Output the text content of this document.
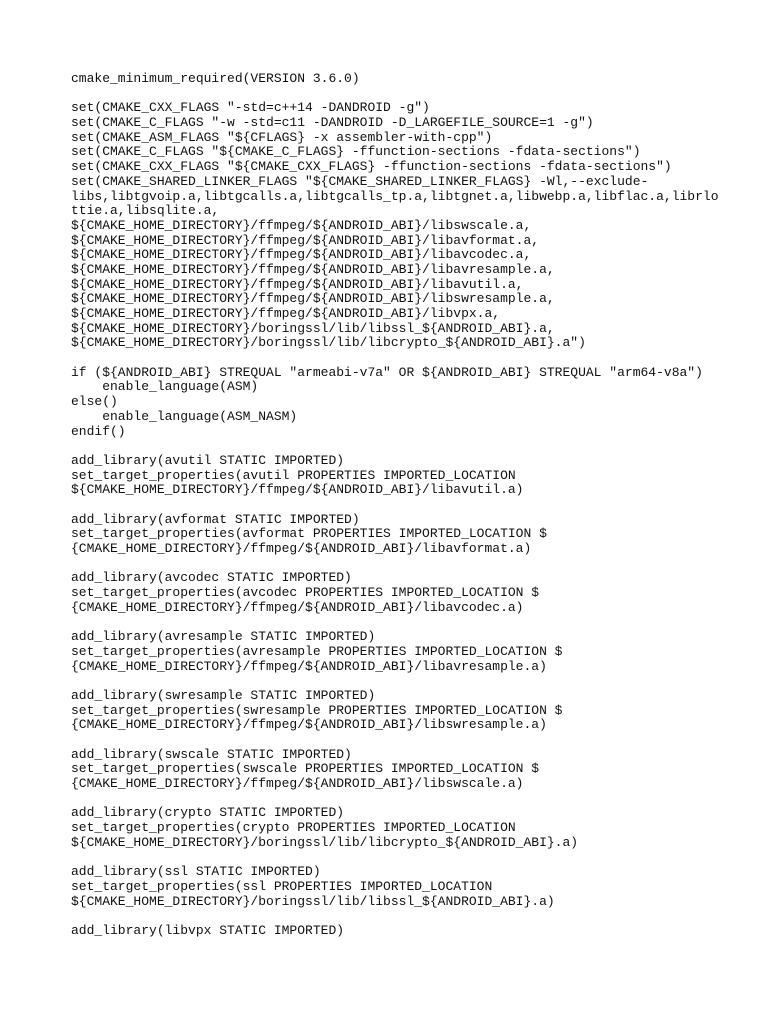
cmake_minimum_required(VERSION 3.6.0)
set(CMAKE_CXX_FLAGS "-std=c++14 -DANDROID -g")
set(CMAKE_C_FLAGS "-w -std=c11 -DANDROID -D_LARGEFILE_SOURCE=1 -g")
set(CMAKE_ASM_FLAGS "${CFLAGS} -x assembler-with-cpp")
set(CMAKE_C_FLAGS "${CMAKE_C_FLAGS} -ffunction-sections -fdata-sections")
set(CMAKE_CXX_FLAGS "${CMAKE_CXX_FLAGS} -ffunction-sections -fdata-sections")
set(CMAKE_SHARED_LINKER_FLAGS "${CMAKE_SHARED_LINKER_FLAGS} -Wl,--exclude-
libs,libtgvoip.a,libtgcalls.a,libtgcalls_tp.a,libtgnet.a,libwebp.a,libflac.a,librlo
ttie.a,libsqlite.a,
${CMAKE_HOME_DIRECTORY}/ffmpeg/${ANDROID_ABI}/libswscale.a,
${CMAKE_HOME_DIRECTORY}/ffmpeg/${ANDROID_ABI}/libavformat.a,
${CMAKE_HOME_DIRECTORY}/ffmpeg/${ANDROID_ABI}/libavcodec.a,
${CMAKE_HOME_DIRECTORY}/ffmpeg/${ANDROID_ABI}/libavresample.a,
${CMAKE_HOME_DIRECTORY}/ffmpeg/${ANDROID_ABI}/libavutil.a,
${CMAKE_HOME_DIRECTORY}/ffmpeg/${ANDROID_ABI}/libswresample.a,
${CMAKE_HOME_DIRECTORY}/ffmpeg/${ANDROID_ABI}/libvpx.a,
${CMAKE_HOME_DIRECTORY}/boringssl/lib/libssl_${ANDROID_ABI}.a,
${CMAKE_HOME_DIRECTORY}/boringssl/lib/libcrypto_${ANDROID_ABI}.a")
if (${ANDROID_ABI} STREQUAL "armeabi-v7a" OR ${ANDROID_ABI} STREQUAL "arm64-v8a")
enable_language(ASM)
else()
enable_language(ASM_NASM)
endif()
add_library(avutil STATIC IMPORTED)
set_target_properties(avutil PROPERTIES IMPORTED_LOCATION
${CMAKE_HOME_DIRECTORY}/ffmpeg/${ANDROID_ABI}/libavutil.a)
add_library(avformat STATIC IMPORTED)
set_target_properties(avformat PROPERTIES IMPORTED_LOCATION $
{CMAKE_HOME_DIRECTORY}/ffmpeg/${ANDROID_ABI}/libavformat.a)
add_library(avcodec STATIC IMPORTED)
set_target_properties(avcodec PROPERTIES IMPORTED_LOCATION $
{CMAKE_HOME_DIRECTORY}/ffmpeg/${ANDROID_ABI}/libavcodec.a)
add_library(avresample STATIC IMPORTED)
set_target_properties(avresample PROPERTIES IMPORTED_LOCATION $
{CMAKE_HOME_DIRECTORY}/ffmpeg/${ANDROID_ABI}/libavresample.a)
add_library(swresample STATIC IMPORTED)
set_target_properties(swresample PROPERTIES IMPORTED_LOCATION $
{CMAKE_HOME_DIRECTORY}/ffmpeg/${ANDROID_ABI}/libswresample.a)
add_library(swscale STATIC IMPORTED)
set_target_properties(swscale PROPERTIES IMPORTED_LOCATION $
{CMAKE_HOME_DIRECTORY}/ffmpeg/${ANDROID_ABI}/libswscale.a)
add_library(crypto STATIC IMPORTED)
set_target_properties(crypto PROPERTIES IMPORTED_LOCATION
${CMAKE_HOME_DIRECTORY}/boringssl/lib/libcrypto_${ANDROID_ABI}.a)
add_library(ssl STATIC IMPORTED)
set_target_properties(ssl PROPERTIES IMPORTED_LOCATION
${CMAKE_HOME_DIRECTORY}/boringssl/lib/libssl_${ANDROID_ABI}.a)
add_library(libvpx STATIC IMPORTED)
